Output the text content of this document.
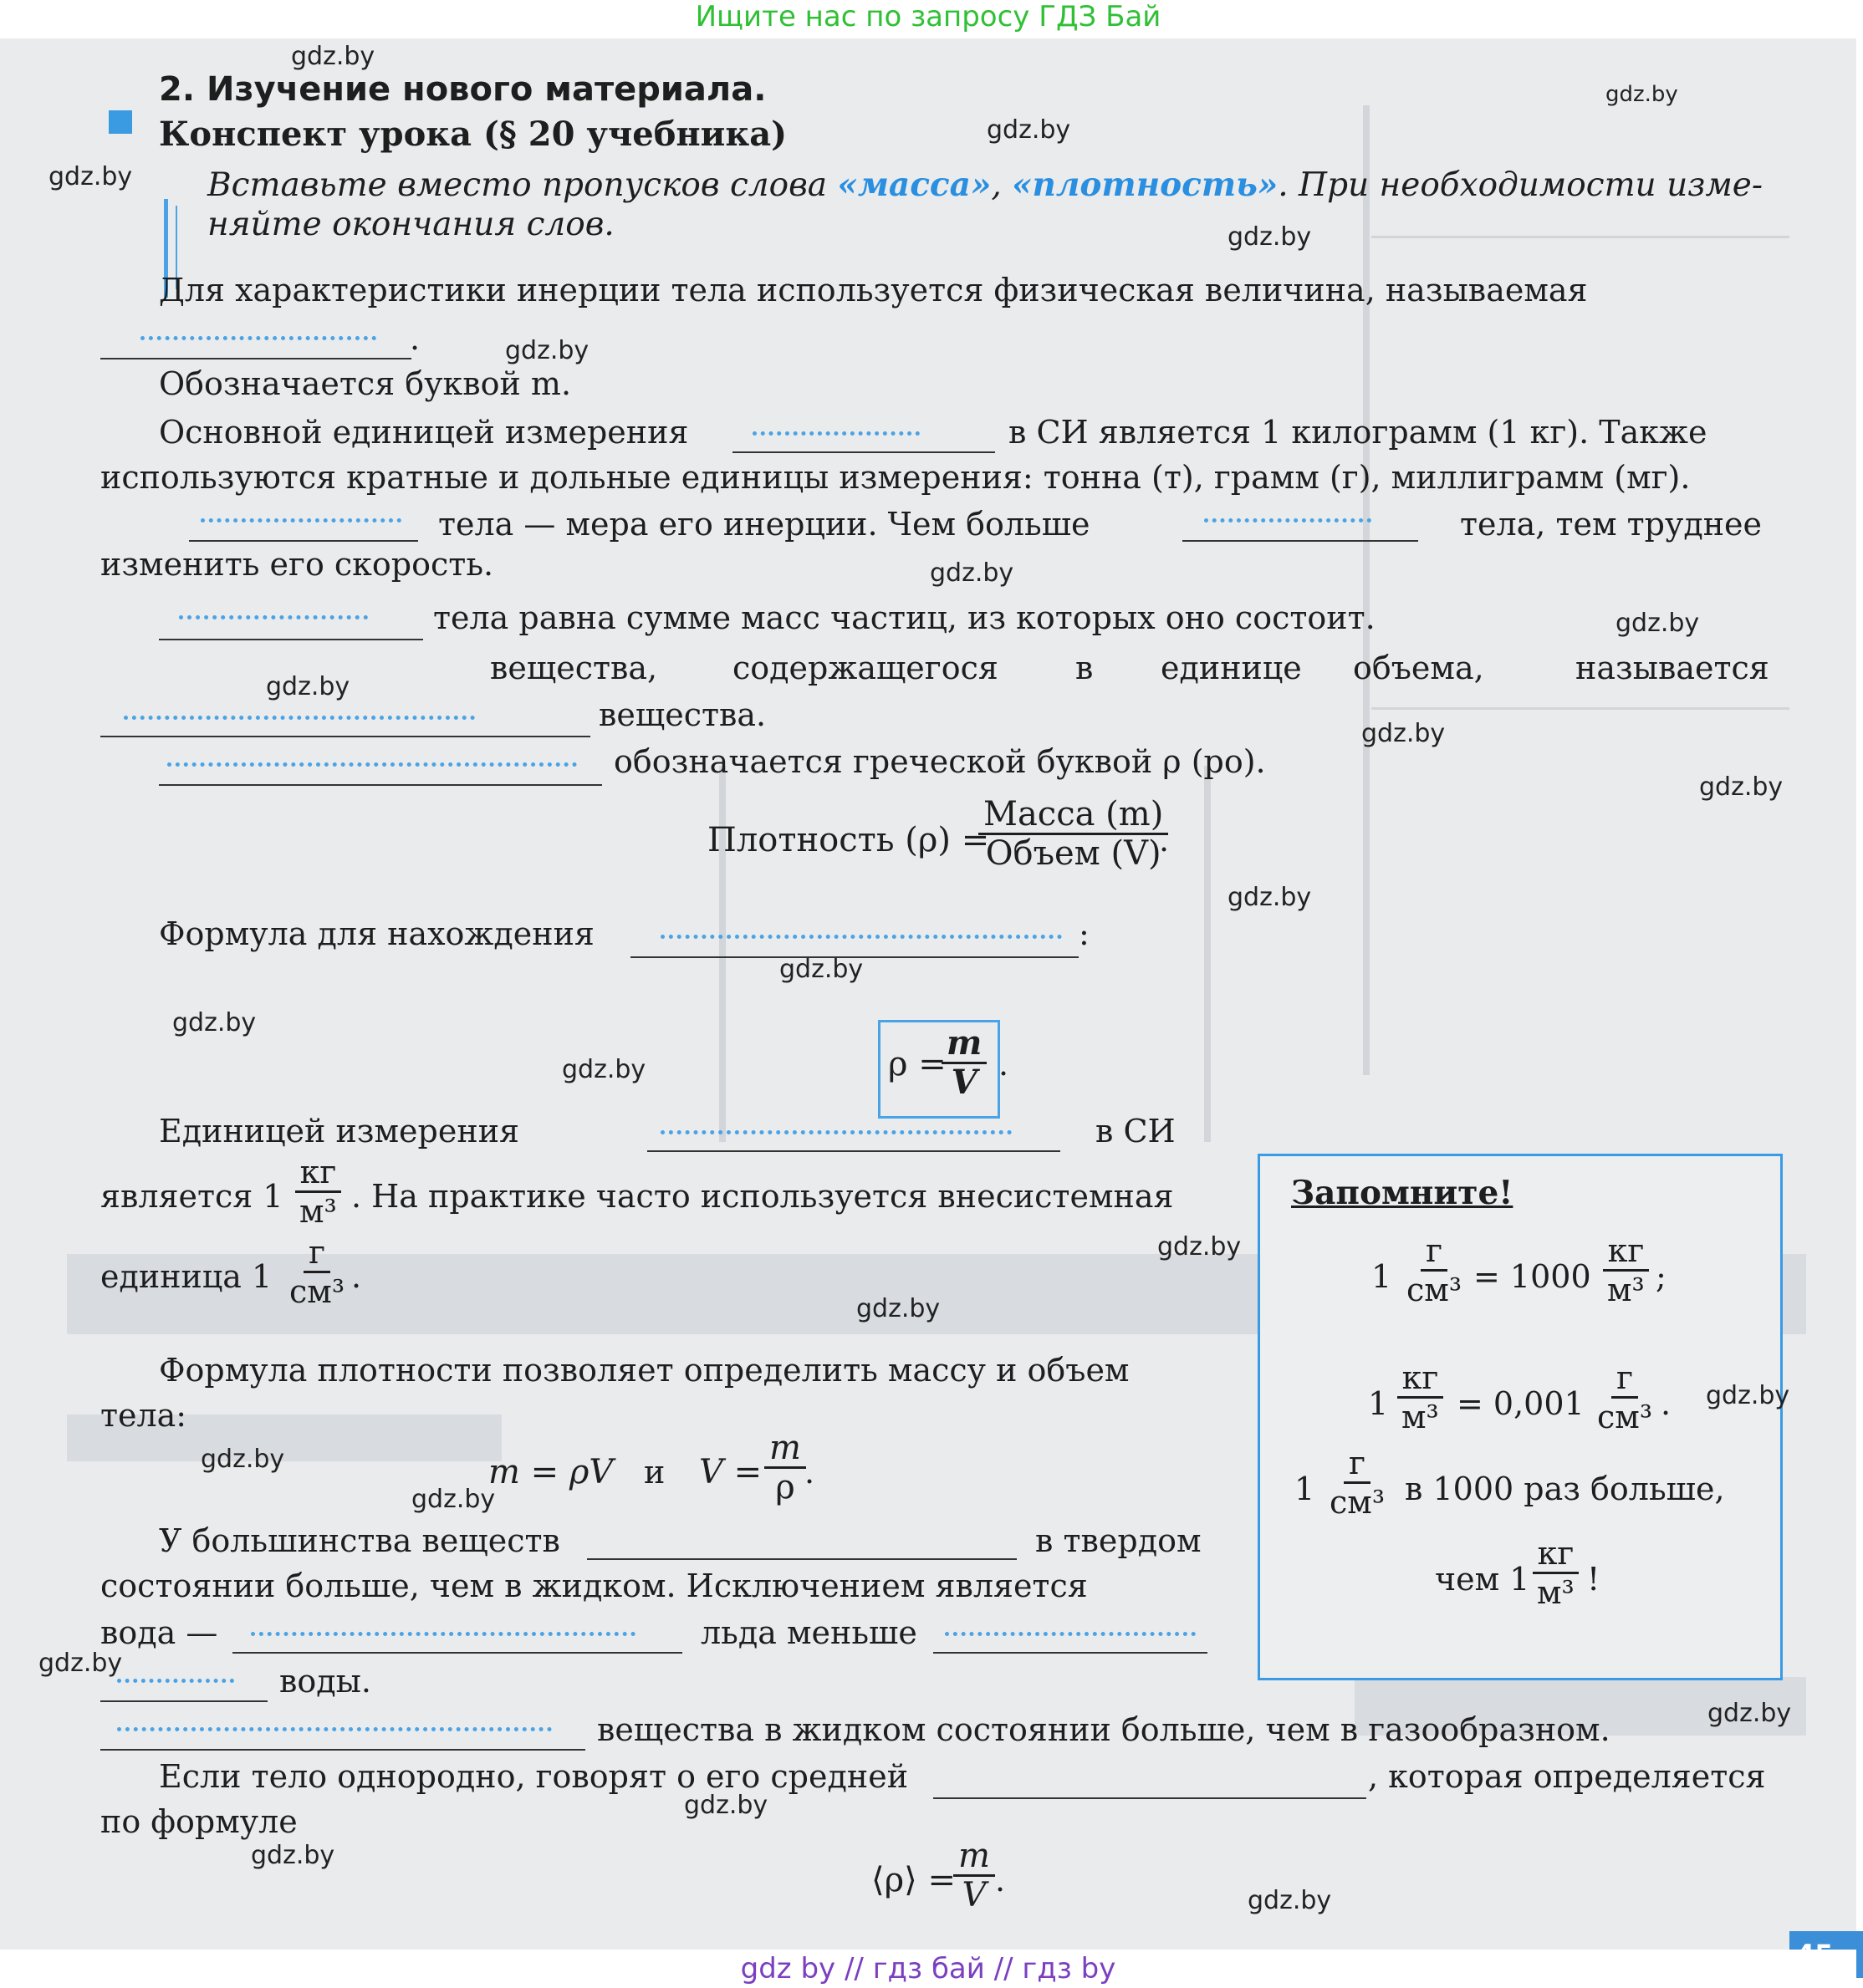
Ищите нас по запросу ГДЗ Бай
2. Изучение нового материала.
Конспект урока (§ 20 учебника)
Вставьте вместо пропусков слова «масса», «плотность». При необходимости изме-
няйте окончания слов.
Для характеристики инерции тела используется физическая величина, называемая
.
Обозначается буквой m.
Основной единицей измерения	в СИ является 1 килограмм (1 кг). Также
используются кратные и дольные единицы измерения: тонна (т), грамм (г), миллиграмм (мг).
тела — мера его инерции. Чем больше	тела, тем труднее
изменить его скорость.
тела равна сумме масс частиц, из которых оно состоит.
вещества, содержащегося в единице объема,	называется
вещества.
обозначается греческой буквой ρ (ро).
Плотность (ρ) =
Масса (m)
Объем (V)
.
Формула для нахождения	:
ρ =
$\frac{m}{V}$ .
Единицей измерения	в СИ
является 1
кг
м³ . На практике часто используется внесистемная
единица 1
г
см³ .
Формула плотности позволяет определить массу и объем
тела:
m = ρV и $V = \frac{m}{\rho}$
.
У большинства веществ	в твердом
состоянии больше, чем в жидком. Исключением является
вода —	льда меньше
воды.
вещества в жидком состоянии больше, чем в газообразном.
Если тело однородно, говорят о его средней	, которая определяется
по формуле
⟨ρ⟩ =
$\frac{m}{V}$ .
Запомните!
1
г
см³ = 1000
кг
м³ ;
1
кг
м³ = 0,001
г
см³ .
1
г
см³ в 1000 раз больше,
чем 1
кг
м³ !
gdz.by
gdz.by
gdz.by
gdz.by
gdz.by
gdz.by
gdz.by
gdz.by
gdz.by
gdz.by
gdz.by
gdz.by
gdz.by
gdz.by
gdz.by
gdz.by
gdz.by
gdz.by
gdz.by
gdz.by
gdz.by
gdz.by
gdz.by
gdz.by
gdz.by
gdz by // гдз бай // гдз by
